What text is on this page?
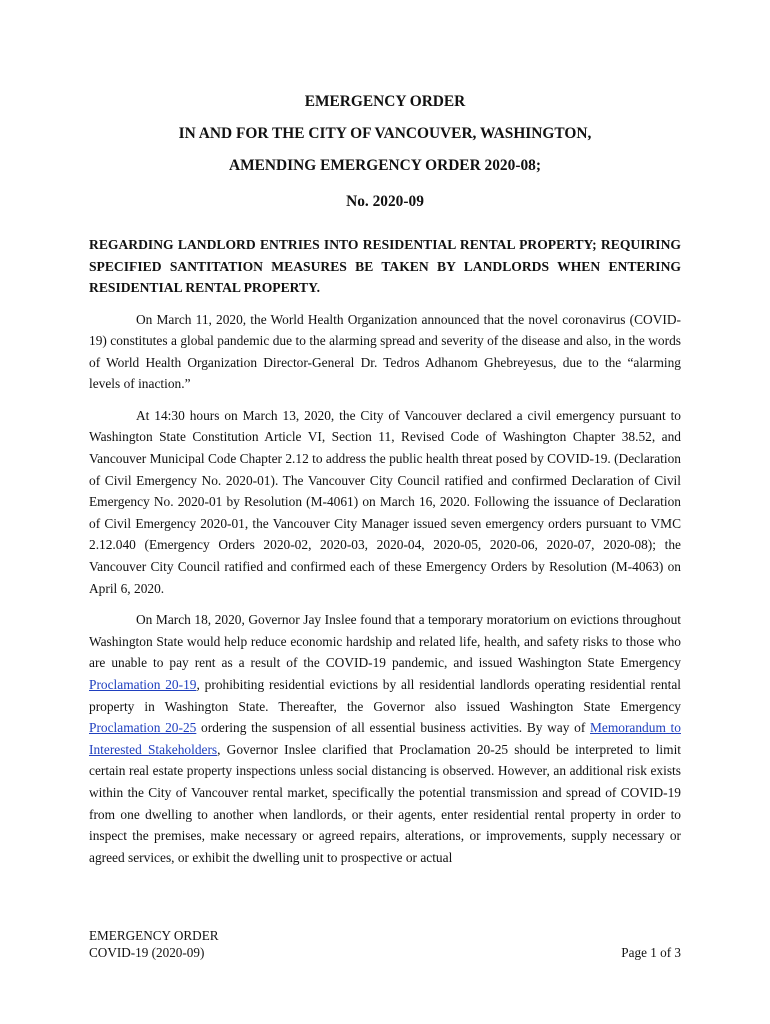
EMERGENCY ORDER
IN AND FOR THE CITY OF VANCOUVER, WASHINGTON,
AMENDING EMERGENCY ORDER 2020-08;
No. 2020-09
REGARDING LANDLORD ENTRIES INTO RESIDENTIAL RENTAL PROPERTY; REQUIRING SPECIFIED SANTITATION MEASURES BE TAKEN BY LANDLORDS WHEN ENTERING RESIDENTIAL RENTAL PROPERTY.

On March 11, 2020, the World Health Organization announced that the novel coronavirus (COVID-19) constitutes a global pandemic due to the alarming spread and severity of the disease and also, in the words of World Health Organization Director-General Dr. Tedros Adhanom Ghebreyesus, due to the “alarming levels of inaction.”

At 14:30 hours on March 13, 2020, the City of Vancouver declared a civil emergency pursuant to Washington State Constitution Article VI, Section 11, Revised Code of Washington Chapter 38.52, and Vancouver Municipal Code Chapter 2.12 to address the public health threat posed by COVID-19. (Declaration of Civil Emergency No. 2020-01). The Vancouver City Council ratified and confirmed Declaration of Civil Emergency No. 2020-01 by Resolution (M-4061) on March 16, 2020. Following the issuance of Declaration of Civil Emergency 2020-01, the Vancouver City Manager issued seven emergency orders pursuant to VMC 2.12.040 (Emergency Orders 2020-02, 2020-03, 2020-04, 2020-05, 2020-06, 2020-07, 2020-08); the Vancouver City Council ratified and confirmed each of these Emergency Orders by Resolution (M-4063) on April 6, 2020.

On March 18, 2020, Governor Jay Inslee found that a temporary moratorium on evictions throughout Washington State would help reduce economic hardship and related life, health, and safety risks to those who are unable to pay rent as a result of the COVID-19 pandemic, and issued Washington State Emergency Proclamation 20-19, prohibiting residential evictions by all residential landlords operating residential rental property in Washington State. Thereafter, the Governor also issued Washington State Emergency Proclamation 20-25 ordering the suspension of all essential business activities. By way of Memorandum to Interested Stakeholders, Governor Inslee clarified that Proclamation 20-25 should be interpreted to limit certain real estate property inspections unless social distancing is observed. However, an additional risk exists within the City of Vancouver rental market, specifically the potential transmission and spread of COVID-19 from one dwelling to another when landlords, or their agents, enter residential rental property in order to inspect the premises, make necessary or agreed repairs, alterations, or improvements, supply necessary or agreed services, or exhibit the dwelling unit to prospective or actual

EMERGENCY ORDER
COVID-19 (2020-09)	Page 1 of 3
